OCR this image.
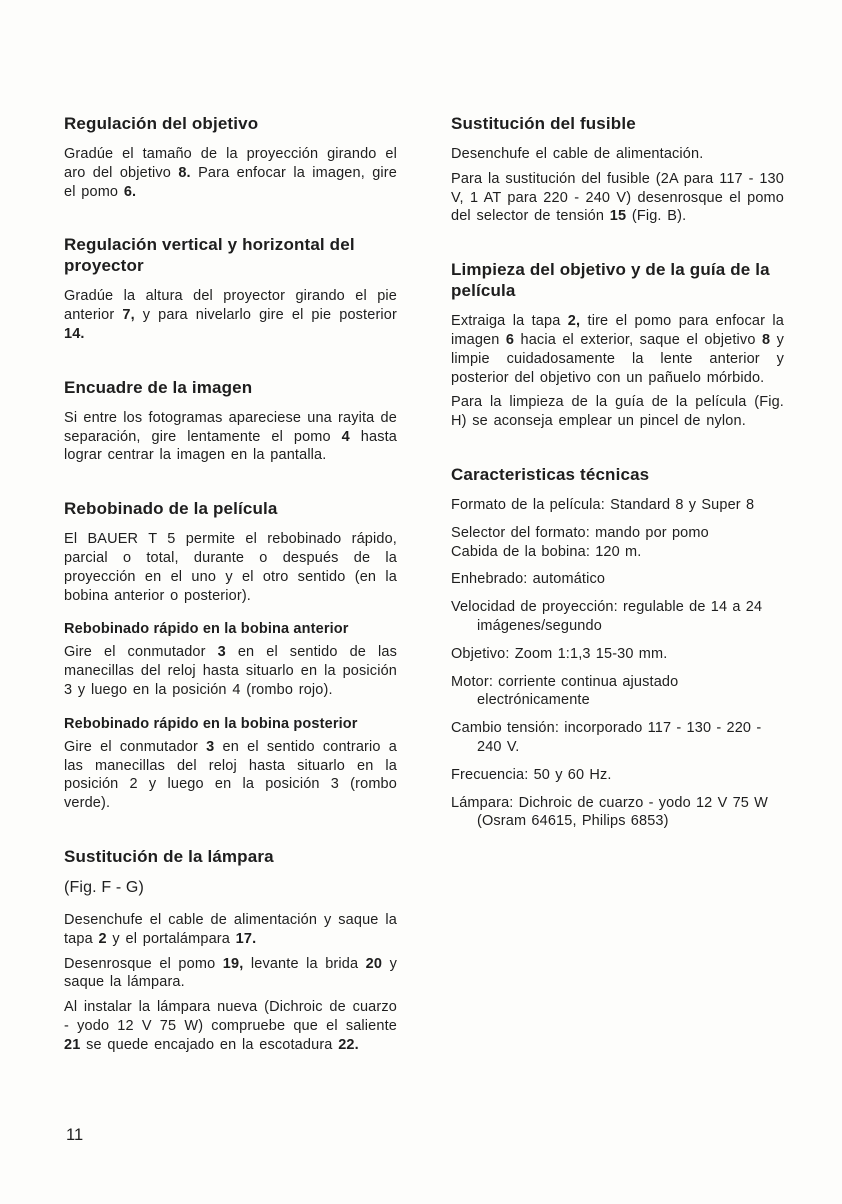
Regulación del objetivo
Gradúe el tamaño de la proyección girando el aro del objetivo 8. Para enfocar la imagen, gire el pomo 6.
Regulación vertical y horizontal del proyector
Gradúe la altura del proyector girando el pie anterior 7, y para nivelarlo gire el pie posterior 14.
Encuadre de la imagen
Si entre los fotogramas apareciese una rayita de separación, gire lentamente el pomo 4 hasta lograr centrar la imagen en la pantalla.
Rebobinado de la película
El BAUER T 5 permite el rebobinado rápido, parcial o total, durante o después de la proyección en el uno y el otro sentido (en la bobina anterior o posterior).
Rebobinado rápido en la bobina anterior
Gire el conmutador 3 en el sentido de las manecillas del reloj hasta situarlo en la posición 3 y luego en la posición 4 (rombo rojo).
Rebobinado rápido en la bobina posterior
Gire el conmutador 3 en el sentido contrario a las manecillas del reloj hasta situarlo en la posición 2 y luego en la posición 3 (rombo verde).
Sustitución de la lámpara
(Fig. F - G)
Desenchufe el cable de alimentación y saque la tapa 2 y el portalámpara 17.
Desenrosque el pomo 19, levante la brida 20 y saque la lámpara.
Al instalar la lámpara nueva (Dichroic de cuarzo - yodo 12 V 75 W) compruebe que el saliente 21 se quede encajado en la escotadura 22.
Sustitución del fusible
Desenchufe el cable de alimentación.
Para la sustitución del fusible (2A para 117 - 130 V, 1 AT para 220 - 240 V) desenrosque el pomo del selector de tensión 15 (Fig. B).
Limpieza del objetivo y de la guía de la película
Extraiga la tapa 2, tire el pomo para enfocar la imagen 6 hacia el exterior, saque el objetivo 8 y limpie cuidadosamente la lente anterior y posterior del objetivo con un pañuelo mórbido.
Para la limpieza de la guía de la película (Fig. H) se aconseja emplear un pincel de nylon.
Caracteristicas técnicas
Formato de la película: Standard 8 y Super 8
Selector del formato: mando por pomo
Cabida de la bobina: 120 m.
Enhebrado: automático
Velocidad de proyección: regulable de 14 a 24 imágenes/segundo
Objetivo: Zoom 1:1,3 15-30 mm.
Motor: corriente continua ajustado electrónicamente
Cambio tensión: incorporado 117 - 130 - 220 - 240 V.
Frecuencia: 50 y 60 Hz.
Lámpara: Dichroic de cuarzo - yodo 12 V 75 W (Osram 64615, Philips 6853)
11
